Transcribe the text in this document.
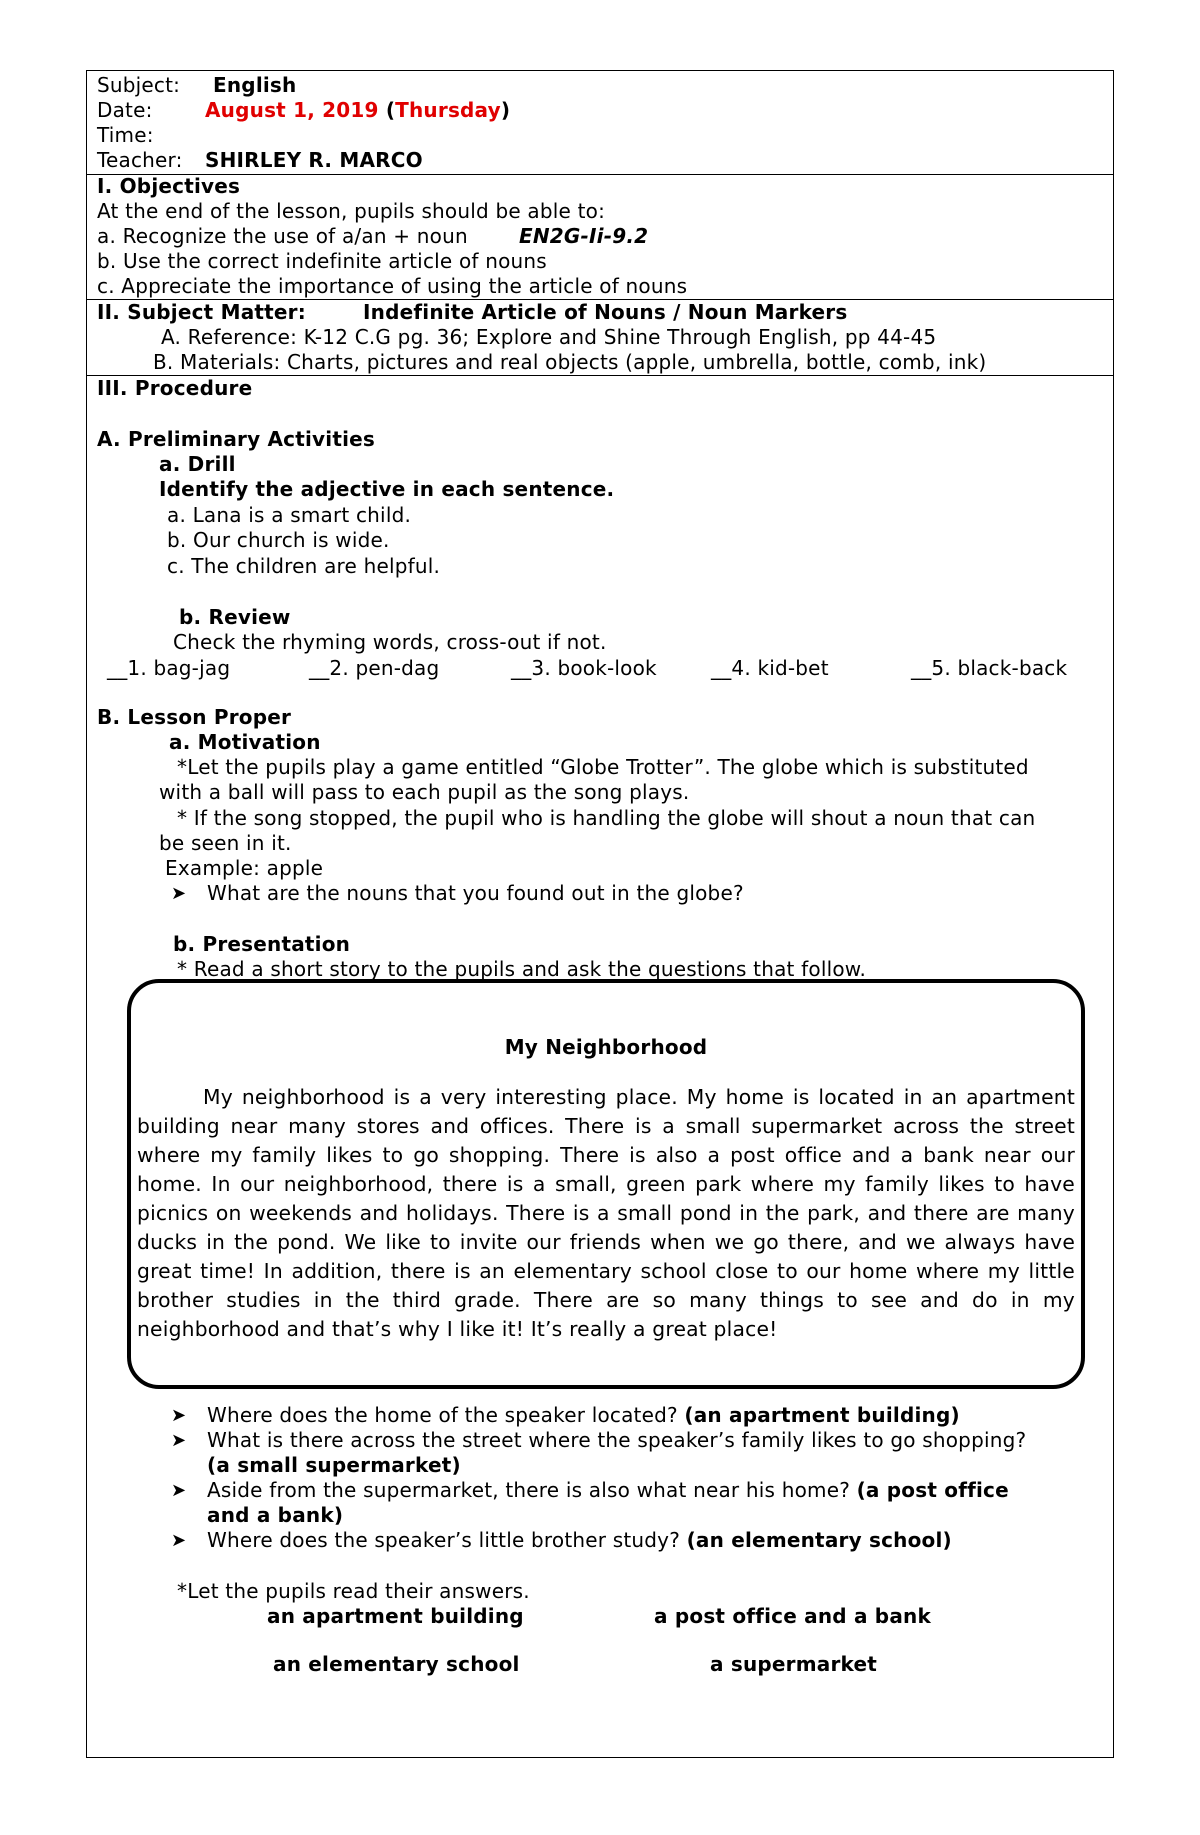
Subject: English
Date:	August 1, 2019 (Thursday)
Time:
Teacher: SHIRLEY R. MARCO
I. Objectives
At the end of the lesson, pupils should be able to:
a. Recognize the use of a/an + noun	EN2G-Ii-9.2
b. Use the correct indefinite article of nouns
c. Appreciate the importance of using the article of nouns
II. Subject Matter:	Indefinite Article of Nouns / Noun Markers
A. Reference: K-12 C.G pg. 36; Explore and Shine Through English, pp 44-45
B. Materials: Charts, pictures and real objects (apple, umbrella, bottle, comb, ink)
III. Procedure
A. Preliminary Activities
a. Drill
Identify the adjective in each sentence.
a. Lana is a smart child.
b. Our church is wide.
c. The children are helpful.
b. Review
Check the rhyming words, cross-out if not.
__1. bag-jag	__2. pen-dag	__3. book-look	__4. kid-bet	__5. black-back
B. Lesson Proper
a. Motivation
*Let the pupils play a game entitled “Globe Trotter”. The globe which is substituted
with a ball will pass to each pupil as the song plays.
* If the song stopped, the pupil who is handling the globe will shout a noun that can
be seen in it.
Example: apple
➤ What are the nouns that you found out in the globe?
b. Presentation
* Read a short story to the pupils and ask the questions that follow.
My Neighborhood
My neighborhood is a very interesting place. My home is located in an apartment building near many stores and offices. There is a small supermarket across the street where my family likes to go shopping. There is also a post office and a bank near our home. In our neighborhood, there is a small, green park where my family likes to have picnics on weekends and holidays. There is a small pond in the park, and there are many ducks in the pond. We like to invite our friends when we go there, and we always have great time! In addition, there is an elementary school close to our home where my little brother studies in the third grade. There are so many things to see and do in my neighborhood and that’s why I like it! It’s really a great place!
➤ Where does the home of the speaker located? (an apartment building)
➤ What is there across the street where the speaker’s family likes to go shopping?
(a small supermarket)
➤ Aside from the supermarket, there is also what near his home? (a post office
and a bank)
➤ Where does the speaker’s little brother study? (an elementary school)
*Let the pupils read their answers.
an apartment building	a post office and a bank
an elementary school	a supermarket
